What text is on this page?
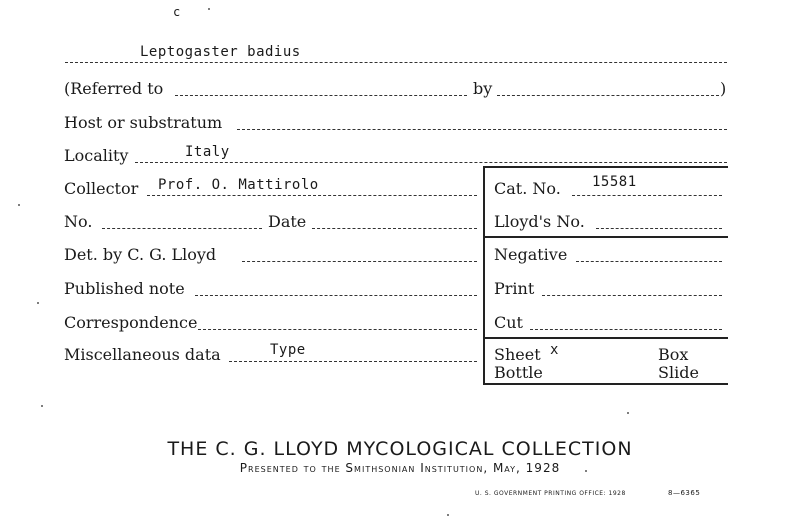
c
Leptogaster badius
(Referred to	by	)
Host or substratum
Locality	Italy
Collector Prof. O. Mattirolo
No.	Date
Det. by C. G. Lloyd
Published note
Correspondence
Miscellaneous data	Type
Cat. No. 15581
Lloyd's No.
Negative
Print
Cut
Sheet x	Box
Bottle	Slide
THE C. G. LLOYD MYCOLOGICAL COLLECTION
Presented to the Smithsonian Institution, May, 1928
U. S. GOVERNMENT PRINTING OFFICE: 1928	8—6365
